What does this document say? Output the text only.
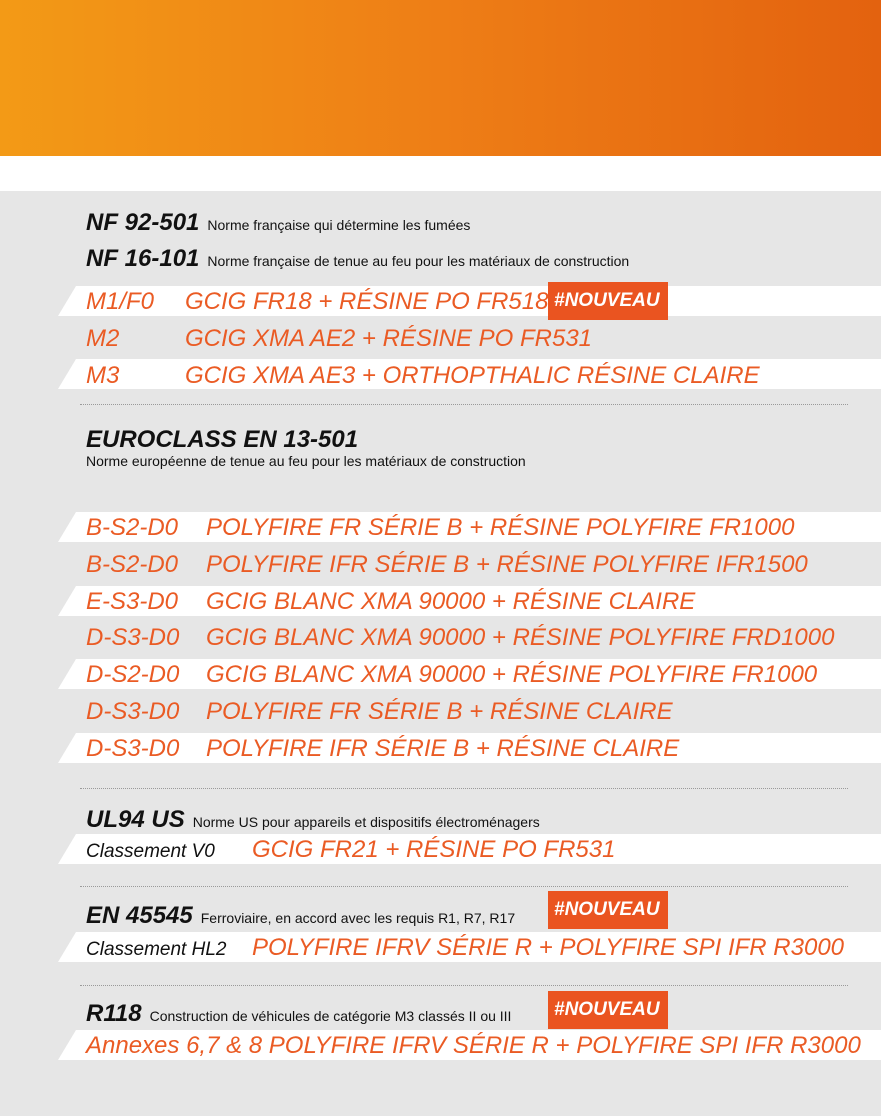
NF 92-501 Norme française qui détermine les fumées
NF 16-101 Norme française de tenue au feu pour les matériaux de construction
M1/F0 GCIG FR18 + RÉSINE PO FR518 #NOUVEAU
M2	GCIG XMA AE2 + RÉSINE PO FR531
M3	GCIG XMA AE3 + ORTHOPTHALIC RÉSINE CLAIRE
EUROCLASS EN 13-501
Norme européenne de tenue au feu pour les matériaux de construction
B-S2-D0 POLYFIRE FR SÉRIE B + RÉSINE POLYFIRE FR1000
B-S2-D0 POLYFIRE IFR SÉRIE B + RÉSINE POLYFIRE IFR1500
E-S3-D0 GCIG BLANC XMA 90000 + RÉSINE CLAIRE
D-S3-D0 GCIG BLANC XMA 90000 + RÉSINE POLYFIRE FRD1000
D-S2-D0 GCIG BLANC XMA 90000 + RÉSINE POLYFIRE FR1000
D-S3-D0 POLYFIRE FR SÉRIE B + RÉSINE CLAIRE
D-S3-D0 POLYFIRE IFR SÉRIE B + RÉSINE CLAIRE
UL94 US Norme US pour appareils et dispositifs électroménagers
Classement V0 GCIG FR21 + RÉSINE PO FR531
EN 45545 Ferroviaire, en accord avec les requis R1, R7, R17	#NOUVEAU
Classement HL2 POLYFIRE IFRV SÉRIE R + POLYFIRE SPI IFR R3000
R118 Construction de véhicules de catégorie M3 classés II ou III	#NOUVEAU
Annexes 6,7 & 8 POLYFIRE IFRV SÉRIE R + POLYFIRE SPI IFR R3000
